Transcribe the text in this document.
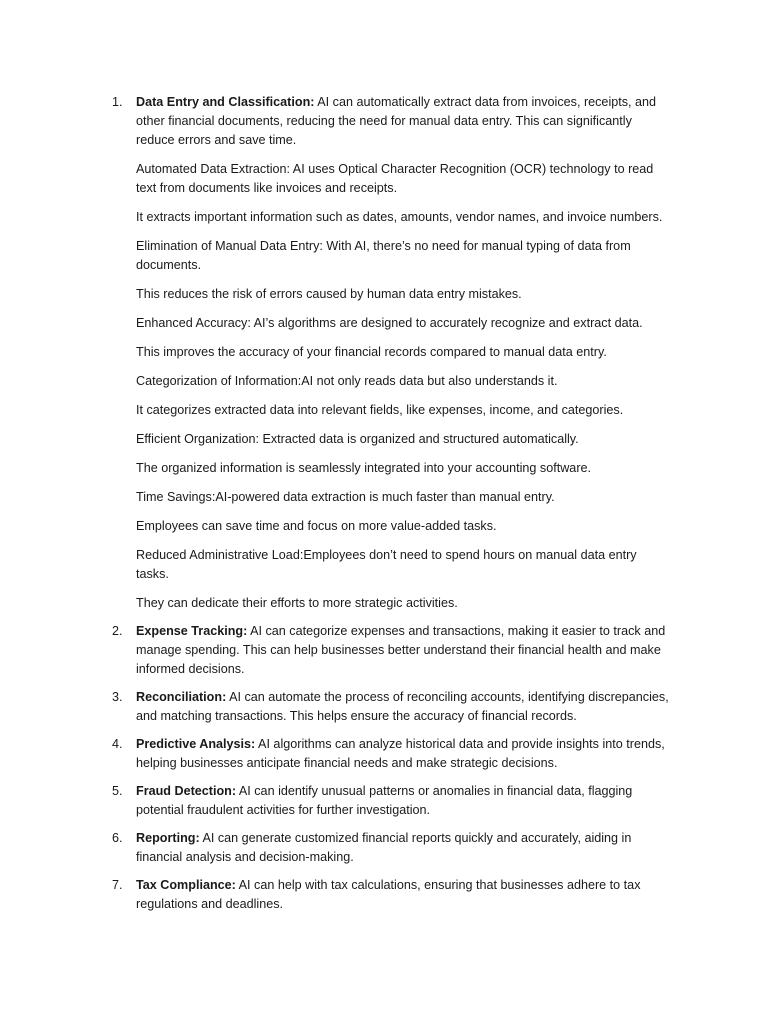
1.	Data Entry and Classification: AI can automatically extract data from invoices, receipts, and other financial documents, reducing the need for manual data entry. This can significantly reduce errors and save time.

Automated Data Extraction: AI uses Optical Character Recognition (OCR) technology to read text from documents like invoices and receipts.

It extracts important information such as dates, amounts, vendor names, and invoice numbers.

Elimination of Manual Data Entry: With AI, there’s no need for manual typing of data from documents.

This reduces the risk of errors caused by human data entry mistakes.

Enhanced Accuracy: AI’s algorithms are designed to accurately recognize and extract data.

This improves the accuracy of your financial records compared to manual data entry.

Categorization of Information:AI not only reads data but also understands it.

It categorizes extracted data into relevant fields, like expenses, income, and categories.

Efficient Organization: Extracted data is organized and structured automatically.

The organized information is seamlessly integrated into your accounting software.

Time Savings:AI-powered data extraction is much faster than manual entry.

Employees can save time and focus on more value-added tasks.

Reduced Administrative Load:Employees don’t need to spend hours on manual data entry tasks.

They can dedicate their efforts to more strategic activities.

2.	Expense Tracking: AI can categorize expenses and transactions, making it easier to track and manage spending. This can help businesses better understand their financial health and make informed decisions.

3.	Reconciliation: AI can automate the process of reconciling accounts, identifying discrepancies, and matching transactions. This helps ensure the accuracy of financial records.

4.	Predictive Analysis: AI algorithms can analyze historical data and provide insights into trends, helping businesses anticipate financial needs and make strategic decisions.

5.	Fraud Detection: AI can identify unusual patterns or anomalies in financial data, flagging potential fraudulent activities for further investigation.

6.	Reporting: AI can generate customized financial reports quickly and accurately, aiding in financial analysis and decision-making.

7.	Tax Compliance: AI can help with tax calculations, ensuring that businesses adhere to tax regulations and deadlines.
